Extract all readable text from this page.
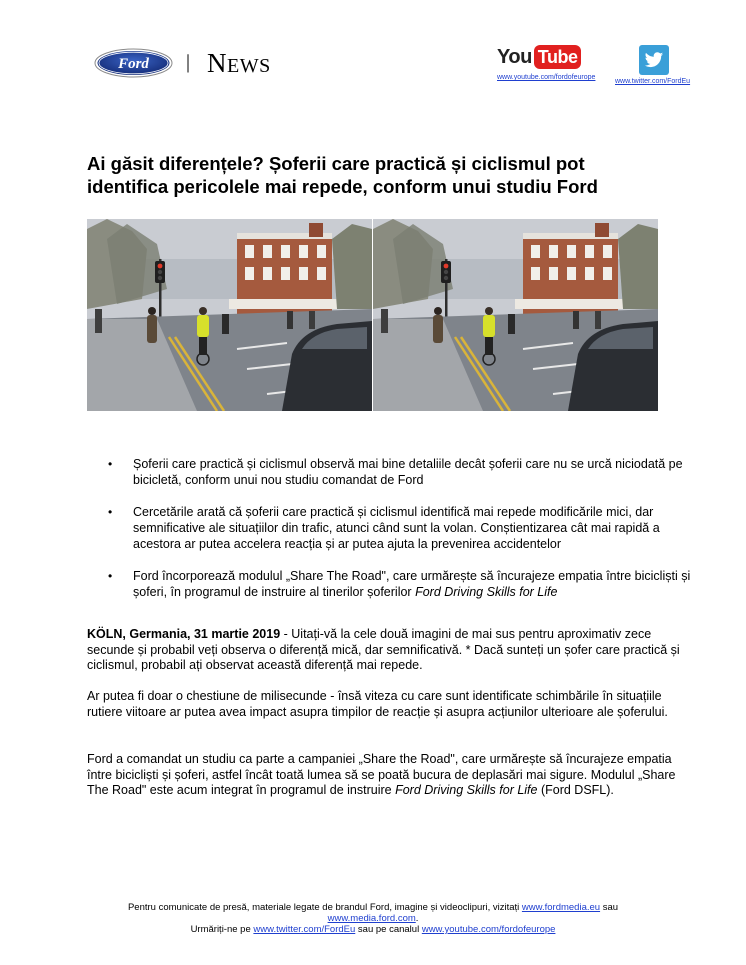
Ford | NEWS	You Tube
www.youtube.com/fordofeurope
www.twitter.com/FordEu
Ai găsit diferențele? Șoferii care practică și ciclismul pot identifica pericolele mai repede, conform unui studiu Ford
• Șoferii care practică și ciclismul observă mai bine detaliile decât șoferii care nu se urcă niciodată pe bicicletă, conform unui nou studiu comandat de Ford
• Cercetările arată că șoferii care practică și ciclismul identifică mai repede modificările mici, dar semnificative ale situațiilor din trafic, atunci când sunt la volan. Conștientizarea cât mai rapidă a acestora ar putea accelera reacția și ar putea ajuta la prevenirea accidentelor
• Ford încorporează modulul „Share The Road", care urmărește să încurajeze empatia între bicicliști și șoferi, în programul de instruire al tinerilor șoferilor Ford Driving Skills for Life

KÖLN, Germania, 31 martie 2019 - Uitați-vă la cele două imagini de mai sus pentru aproximativ zece secunde și probabil veți observa o diferență mică, dar semnificativă. * Dacă sunteți un șofer care practică și ciclismul, probabil ați observat această diferență mai repede.

Ar putea fi doar o chestiune de milisecunde - însă viteza cu care sunt identificate schimbările în situațiile rutiere viitoare ar putea avea impact asupra timpilor de reacție și asupra acțiunilor ulterioare ale șoferului.

Ford a comandat un studiu ca parte a campaniei „Share the Road", care urmărește să încurajeze empatia între bicicliști și șoferi, astfel încât toată lumea să se poată bucura de deplasări mai sigure. Modulul „Share The Road" este acum integrat în programul de instruire Ford Driving Skills for Life (Ford DSFL).

Pentru comunicate de presă, materiale legate de brandul Ford, imagine și videoclipuri, vizitați www.fordmedia.eu sau
www.media.ford.com.
Urmăriți-ne pe www.twitter.com/FordEu sau pe canalul www.youtube.com/fordofeurope
